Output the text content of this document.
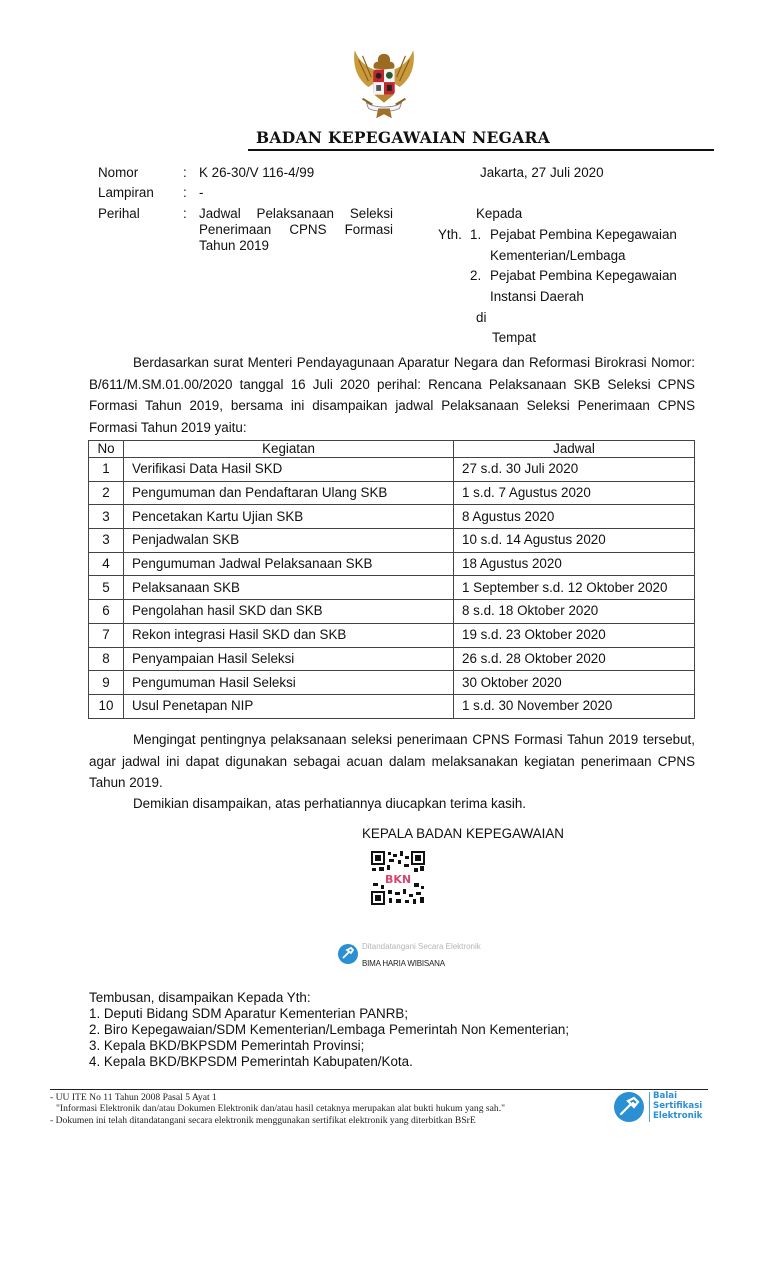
BADAN KEPEGAWAIAN NEGARA
Nomor	: K 26-30/V 116-4/99
Lampiran : -
Perihal	: Jadwal Pelaksanaan Seleksi Penerimaan CPNS Formasi Tahun 2019
Jakarta, 27 Juli 2020
Kepada
Yth. 1. Pejabat Pembina Kepegawaian
Kementerian/Lembaga
2. Pejabat Pembina Kepegawaian
Instansi Daerah
di
Tempat
Berdasarkan surat Menteri Pendayagunaan Aparatur Negara dan Reformasi Birokrasi Nomor: B/611/M.SM.01.00/2020 tanggal 16 Juli 2020 perihal: Rencana Pelaksanaan SKB Seleksi CPNS Formasi Tahun 2019, bersama ini disampaikan jadwal Pelaksanaan Seleksi Penerimaan CPNS Formasi Tahun 2019 yaitu:
No	Kegiatan	Jadwal
1	Verifikasi Data Hasil SKD	27 s.d. 30 Juli 2020
2	Pengumuman dan Pendaftaran Ulang SKB	1 s.d. 7 Agustus 2020
3	Pencetakan Kartu Ujian SKB	8 Agustus 2020
3	Penjadwalan SKB	10 s.d. 14 Agustus 2020
4	Pengumuman Jadwal Pelaksanaan SKB	18 Agustus 2020
5	Pelaksanaan SKB	1 September s.d. 12 Oktober 2020
6	Pengolahan hasil SKD dan SKB	8 s.d. 18 Oktober 2020
7	Rekon integrasi Hasil SKD dan SKB	19 s.d. 23 Oktober 2020
8	Penyampaian Hasil Seleksi	26 s.d. 28 Oktober 2020
9	Pengumuman Hasil Seleksi	30 Oktober 2020
10	Usul Penetapan NIP	1 s.d. 30 November 2020
Mengingat pentingnya pelaksanaan seleksi penerimaan CPNS Formasi Tahun 2019 tersebut, agar jadwal ini dapat digunakan sebagai acuan dalam melaksanakan kegiatan penerimaan CPNS Tahun 2019.
Demikian disampaikan, atas perhatiannya diucapkan terima kasih.
KEPALA BADAN KEPEGAWAIAN
BKN
Ditandatangani Secara Elektronik
BIMA HARIA WIBISANA
Tembusan, disampaikan Kepada Yth:
1. Deputi Bidang SDM Aparatur Kementerian PANRB;
2. Biro Kepegawaian/SDM Kementerian/Lembaga Pemerintah Non Kementerian;
3. Kepala BKD/BKPSDM Pemerintah Provinsi;
4. Kepala BKD/BKPSDM Pemerintah Kabupaten/Kota.
- UU ITE No 11 Tahun 2008 Pasal 5 Ayat 1
"Informasi Elektronik dan/atau Dokumen Elektronik dan/atau hasil cetaknya merupakan alat bukti hukum yang sah."
- Dokumen ini telah ditandatangani secara elektronik menggunakan sertifikat elektronik yang diterbitkan BSrE
Balai
Sertifikasi
Elektronik
